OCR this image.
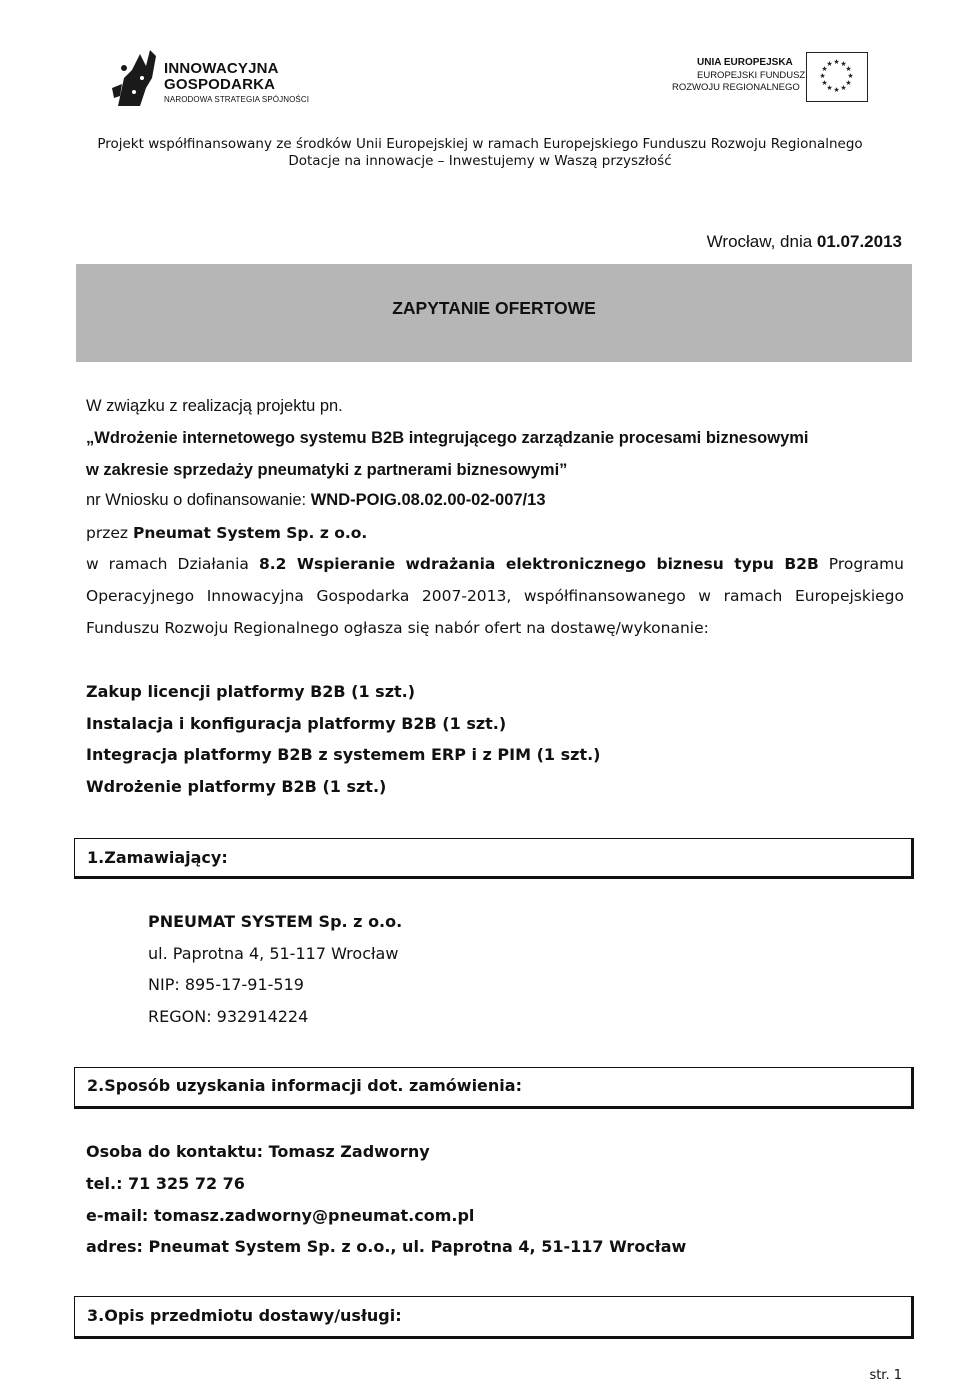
INNOWACYJNA
GOSPODARKA
NARODOWA STRATEGIA SPÓJNOŚCI
UNIA EUROPEJSKA
EUROPEJSKI FUNDUSZ
ROZWOJU REGIONALNEGO
★ ★
★
★
★
★
★
★
★
★
★
★
Projekt współfinansowany ze środków Unii Europejskiej w ramach Europejskiego Funduszu Rozwoju Regionalnego
Dotacje na innowacje – Inwestujemy w Waszą przyszłość
Wrocław, dnia 01.07.2013
ZAPYTANIE OFERTOWE
W związku z realizacją projektu pn.
„Wdrożenie internetowego systemu B2B integrującego zarządzanie procesami biznesowymi
w zakresie sprzedaży pneumatyki z partnerami biznesowymi”
nr Wniosku o dofinansowanie: WND-POIG.08.02.00-02-007/13
przez Pneumat System Sp. z o.o.
w ramach Działania 8.2 Wspieranie wdrażania elektronicznego biznesu typu B2B Programu
Operacyjnego Innowacyjna Gospodarka 2007-2013, współfinansowanego w ramach Europejskiego
Funduszu Rozwoju Regionalnego ogłasza się nabór ofert na dostawę/wykonanie:
Zakup licencji platformy B2B (1 szt.)
Instalacja i konfiguracja platformy B2B (1 szt.)
Integracja platformy B2B z systemem ERP i z PIM (1 szt.)
Wdrożenie platformy B2B (1 szt.)
1.Zamawiający:
PNEUMAT SYSTEM Sp. z o.o.
ul. Paprotna 4, 51-117 Wrocław
NIP: 895-17-91-519
REGON: 932914224
2.Sposób uzyskania informacji dot. zamówienia:
Osoba do kontaktu: Tomasz Zadworny
tel.: 71 325 72 76
e-mail: tomasz.zadworny@pneumat.com.pl
adres: Pneumat System Sp. z o.o., ul. Paprotna 4, 51-117 Wrocław
3.Opis przedmiotu dostawy/usługi:
str. 1
